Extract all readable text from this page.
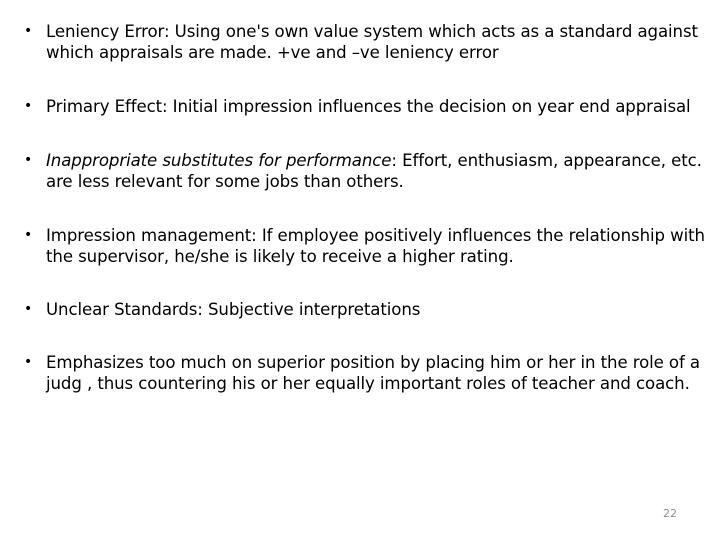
• Leniency Error: Using one's own value system which acts as a standard against which appraisals are made. +ve and –ve leniency error
• Primary Effect: Initial impression influences the decision on year end appraisal
• Inappropriate substitutes for performance: Effort, enthusiasm, appearance, etc. are less relevant for some jobs than others.
• Impression management: If employee positively influences the relationship with the supervisor, he/she is likely to receive a higher rating.
• Unclear Standards: Subjective interpretations
• Emphasizes too much on superior position by placing him or her in the role of a judg , thus countering his or her equally important roles of teacher and coach.
22
